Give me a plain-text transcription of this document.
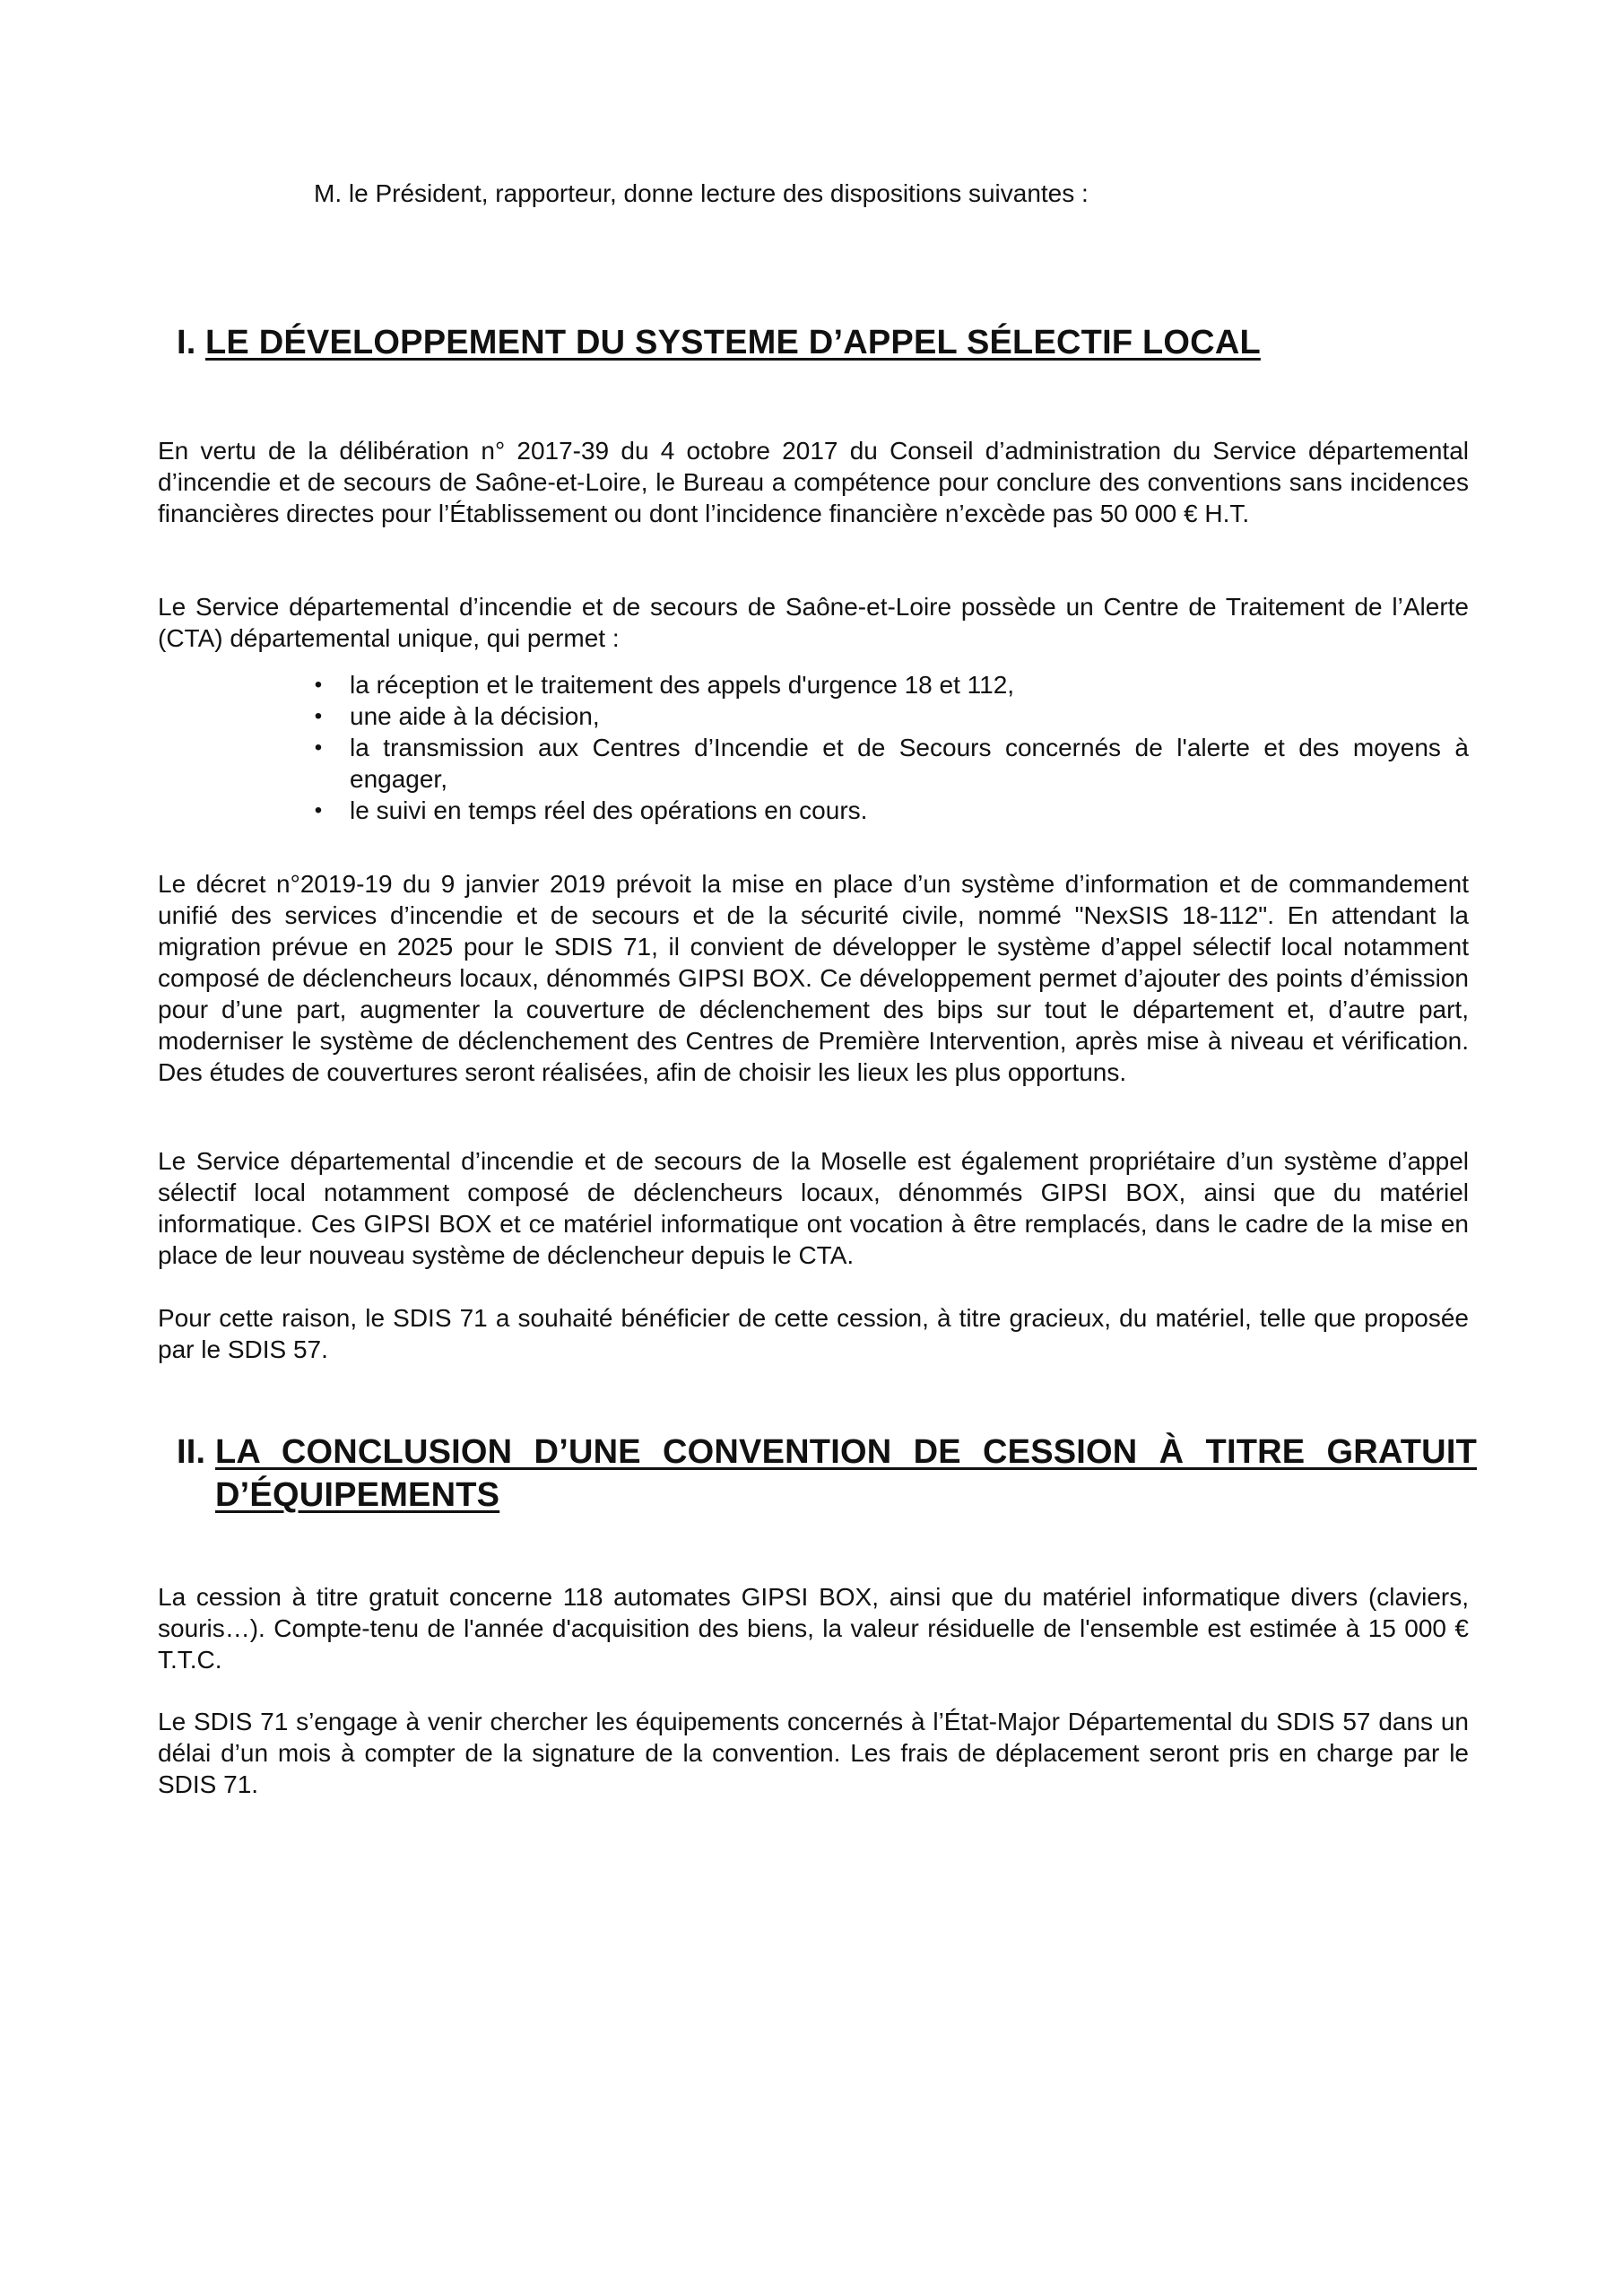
M. le Président, rapporteur, donne lecture des dispositions suivantes :
I. LE DÉVELOPPEMENT DU SYSTEME D’APPEL SÉLECTIF LOCAL

En vertu de la délibération n° 2017-39 du 4 octobre 2017 du Conseil d’administration du Service départemental d’incendie et de secours de Saône-et-Loire, le Bureau a compétence pour conclure des conventions sans incidences financières directes pour l’Établissement ou dont l’incidence financière n’excède pas 50 000 € H.T.

Le Service départemental d’incendie et de secours de Saône-et-Loire possède un Centre de Traitement de l’Alerte (CTA) départemental unique, qui permet :

• la réception et le traitement des appels d'urgence 18 et 112,
• une aide à la décision,
• la transmission aux Centres d’Incendie et de Secours concernés de l'alerte et des moyens à engager,
• le suivi en temps réel des opérations en cours.

Le décret n°2019-19 du 9 janvier 2019 prévoit la mise en place d’un système d’information et de commandement unifié des services d’incendie et de secours et de la sécurité civile, nommé "NexSIS 18-112". En attendant la migration prévue en 2025 pour le SDIS 71, il convient de développer le système d’appel sélectif local notamment composé de déclencheurs locaux, dénommés GIPSI BOX. Ce développement permet d’ajouter des points d’émission pour d’une part, augmenter la couverture de déclenchement des bips sur tout le département et, d’autre part, moderniser le système de déclenchement des Centres de Première Intervention, après mise à niveau et vérification. Des études de couvertures seront réalisées, afin de choisir les lieux les plus opportuns.

Le Service départemental d’incendie et de secours de la Moselle est également propriétaire d’un système d’appel sélectif local notamment composé de déclencheurs locaux, dénommés GIPSI BOX, ainsi que du matériel informatique. Ces GIPSI BOX et ce matériel informatique ont vocation à être remplacés, dans le cadre de la mise en place de leur nouveau système de déclencheur depuis le CTA.

Pour cette raison, le SDIS 71 a souhaité bénéficier de cette cession, à titre gracieux, du matériel, telle que proposée par le SDIS 57.

II. LA CONCLUSION D’UNE CONVENTION DE CESSION À TITRE GRATUIT D’ÉQUIPEMENTS

La cession à titre gratuit concerne 118 automates GIPSI BOX, ainsi que du matériel informatique divers (claviers, souris…). Compte-tenu de l'année d'acquisition des biens, la valeur résiduelle de l'ensemble est estimée à 15 000 € T.T.C.

Le SDIS 71 s’engage à venir chercher les équipements concernés à l’État-Major Départemental du SDIS 57 dans un délai d’un mois à compter de la signature de la convention. Les frais de déplacement seront pris en charge par le SDIS 71.
